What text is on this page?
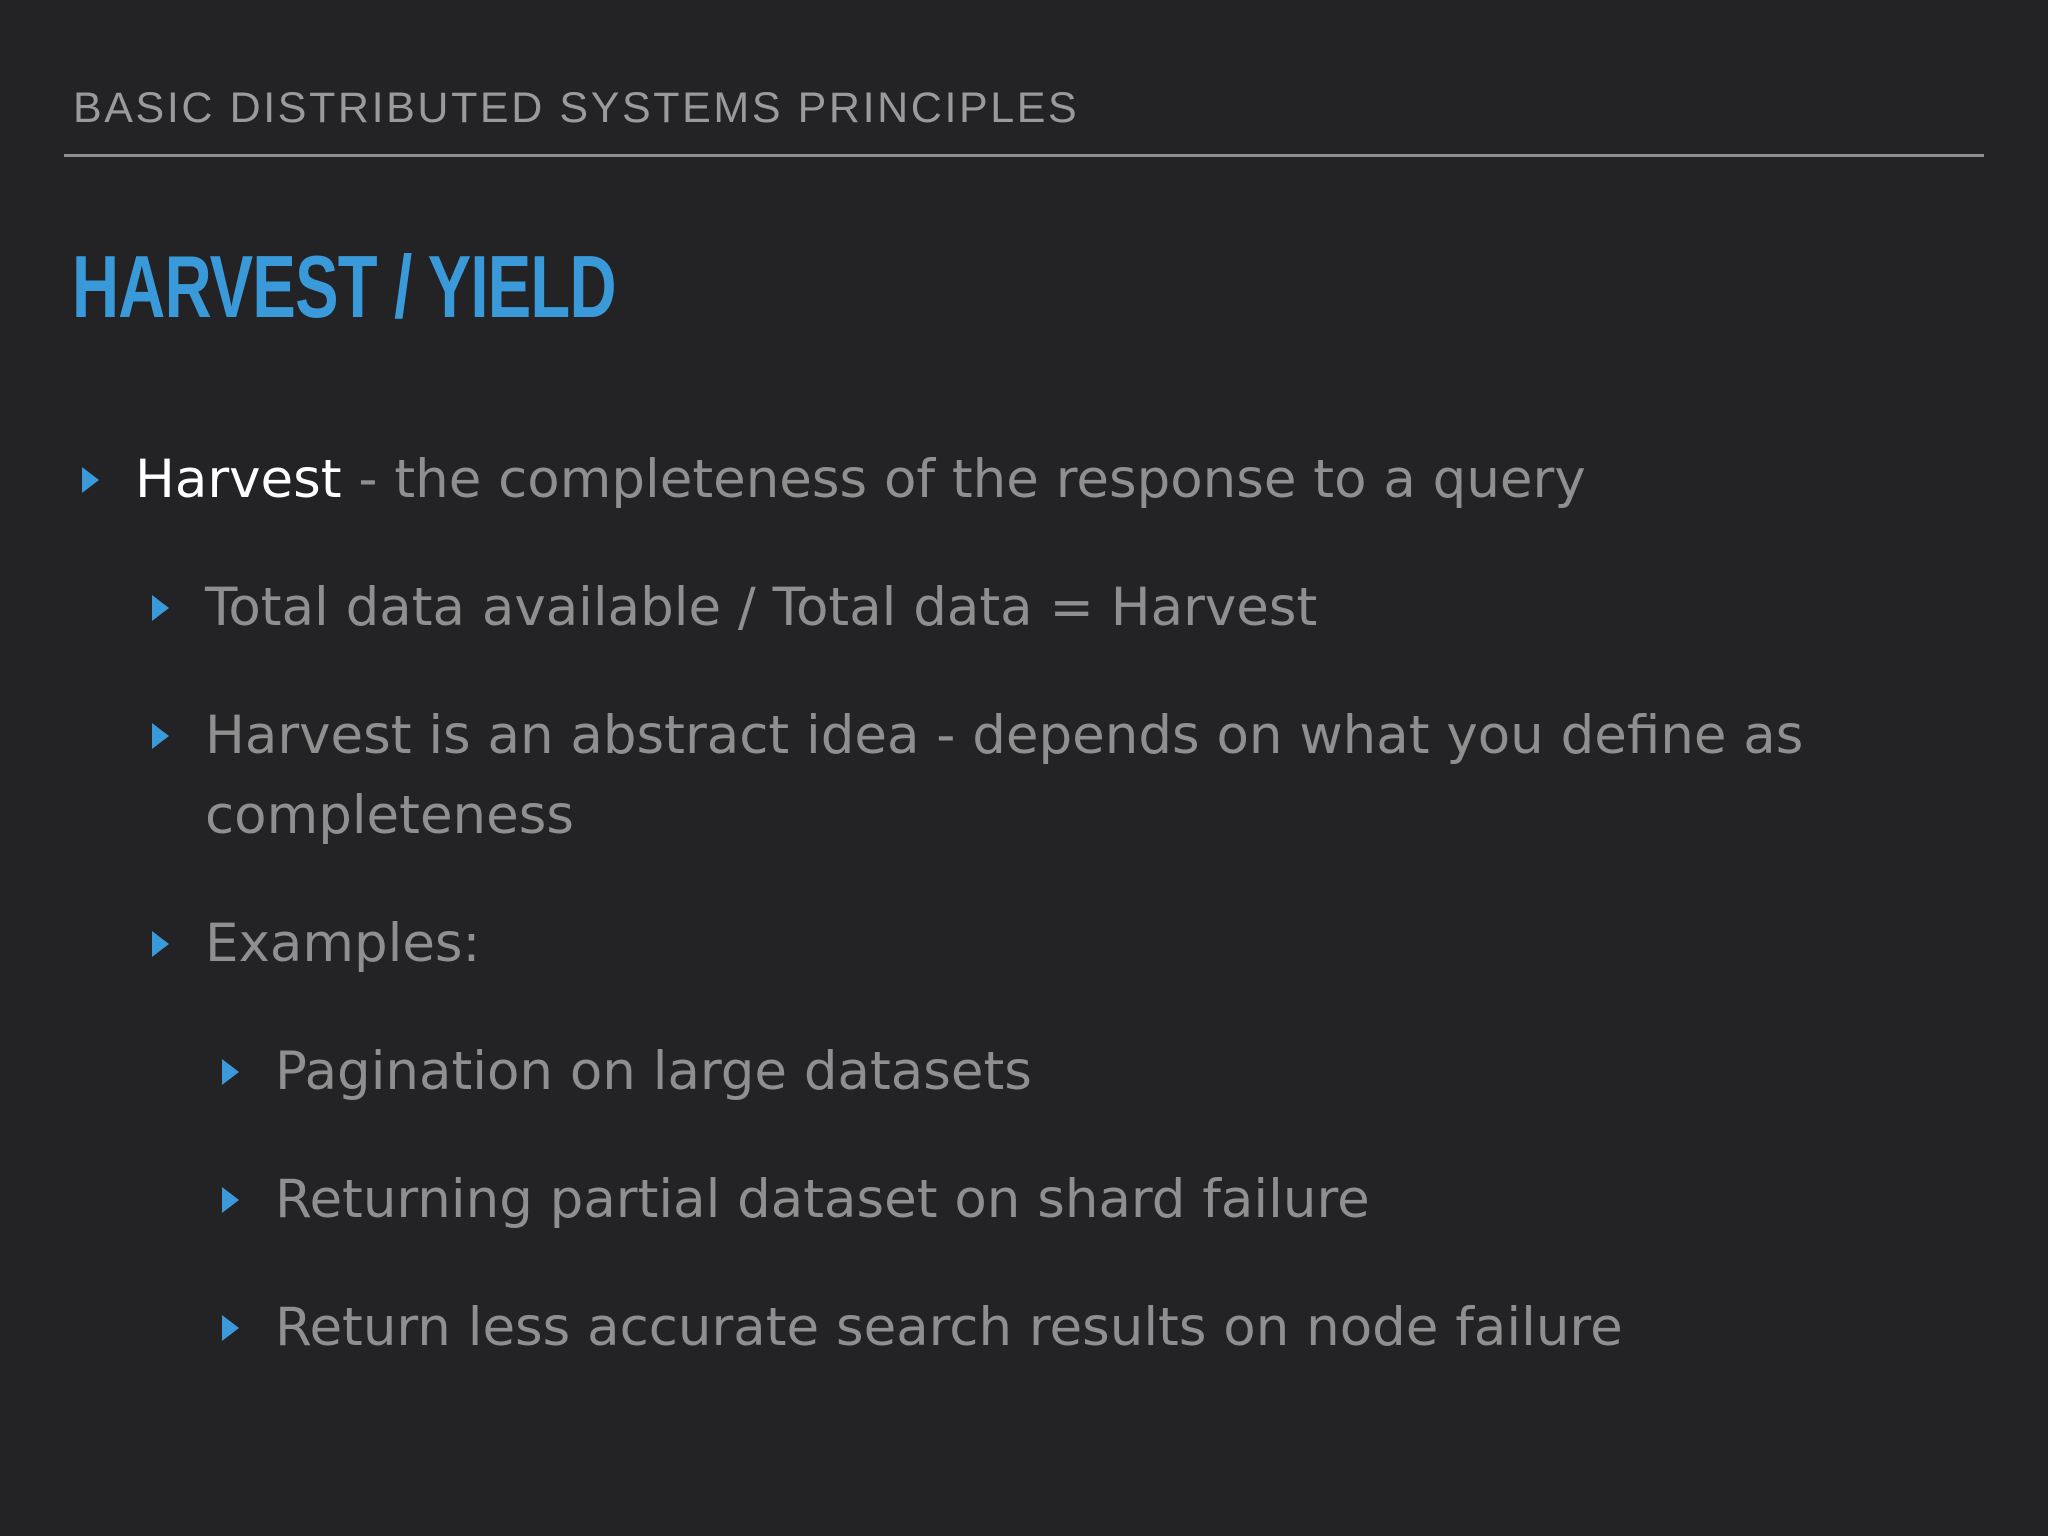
BASIC DISTRIBUTED SYSTEMS PRINCIPLES
HARVEST / YIELD
Harvest - the completeness of the response to a query
Total data available / Total data = Harvest
Harvest is an abstract idea - depends on what you define as completeness
Examples:
Pagination on large datasets
Returning partial dataset on shard failure
Return less accurate search results on node failure
